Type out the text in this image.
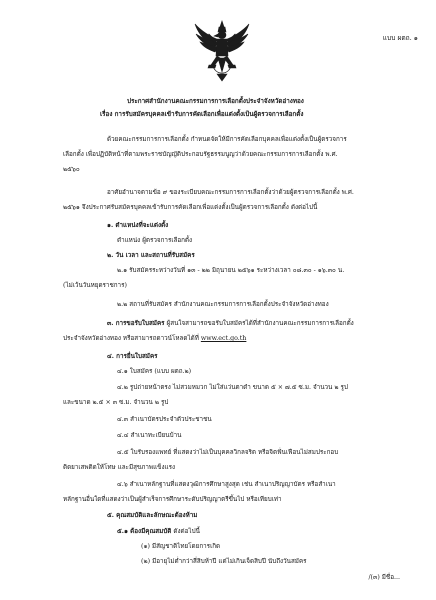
แบบ ผตถ. ๑
ประกาศสำนักงานคณะกรรมการการเลือกตั้งประจำจังหวัดอ่างทอง
เรื่อง การรับสมัครบุคคลเข้ารับการคัดเลือกเพื่อแต่งตั้งเป็นผู้ตรวจการเลือกตั้ง
ด้วยคณะกรรมการการเลือกตั้ง กำหนดจัดให้มีการคัดเลือกบุคคลเพื่อแต่งตั้งเป็นผู้ตรวจการ
เลือกตั้ง เพื่อปฏิบัติหน้าที่ตามพระราชบัญญัติประกอบรัฐธรรมนูญว่าด้วยคณะกรรมการการเลือกตั้ง พ.ศ.
๒๕๖๐
อาศัยอำนาจตามข้อ ๙ ของระเบียบคณะกรรมการการเลือกตั้งว่าด้วยผู้ตรวจการเลือกตั้ง พ.ศ.
๒๕๖๑ จึงประกาศรับสมัครบุคคลเข้ารับการคัดเลือกเพื่อแต่งตั้งเป็นผู้ตรวจการเลือกตั้ง ดังต่อไปนี้
๑. ตำแหน่งที่จะแต่งตั้ง
ตำแหน่ง ผู้ตรวจการเลือกตั้ง
๒. วัน เวลา และสถานที่รับสมัคร
๒.๑ รับสมัครระหว่างวันที่ ๑๓ - ๒๒ มิถุนายน ๒๕๖๑ ระหว่างเวลา ๐๘.๓๐ - ๑๖.๓๐ น.
(ไม่เว้นวันหยุดราชการ)
๒.๒ สถานที่รับสมัคร สำนักงานคณะกรรมการการเลือกตั้งประจำจังหวัดอ่างทอง
๓. การขอรับใบสมัคร ผู้สนใจสามารถขอรับใบสมัครได้ที่สำนักงานคณะกรรมการการเลือกตั้ง
ประจำจังหวัดอ่างทอง หรือสามารถดาวน์โหลดได้ที่ www.ect.go.th
๔. การยื่นใบสมัคร
๔.๑ ใบสมัคร (แบบ ผตถ.๒)
๔.๒ รูปถ่ายหน้าตรง ไม่สวมหมวก ไม่ใส่แว่นตาดำ ขนาด ๕ × ๗.๕ ซ.ม. จำนวน ๒ รูป
และขนาด ๒.๕ × ๓ ซ.ม. จำนวน ๒ รูป
๔.๓ สำเนาบัตรประจำตัวประชาชน
๔.๔ สำเนาทะเบียนบ้าน
๔.๕ ใบรับรองแพทย์ ที่แสดงว่าไม่เป็นบุคคลวิกลจริต หรือจิตฟั่นเฟือนไม่สมประกอบ
ติดยาเสพติดให้โทษ และมีสุขภาพแข็งแรง
๔.๖ สำเนาหลักฐานที่แสดงวุฒิการศึกษาสูงสุด เช่น สำเนาปริญญาบัตร หรือสำเนา
หลักฐานอื่นใดที่แสดงว่าเป็นผู้สำเร็จการศึกษาระดับปริญญาตรีขึ้นไป หรือเทียบเท่า
๕. คุณสมบัติและลักษณะต้องห้าม
๕.๑ ต้องมีคุณสมบัติ ดังต่อไปนี้
(๑) มีสัญชาติไทยโดยการเกิด
(๒) มีอายุไม่ต่ำกว่าสี่สิบห้าปี แต่ไม่เกินเจ็ดสิบปี นับถึงวันสมัคร
/(๓) มีชื่อ...
